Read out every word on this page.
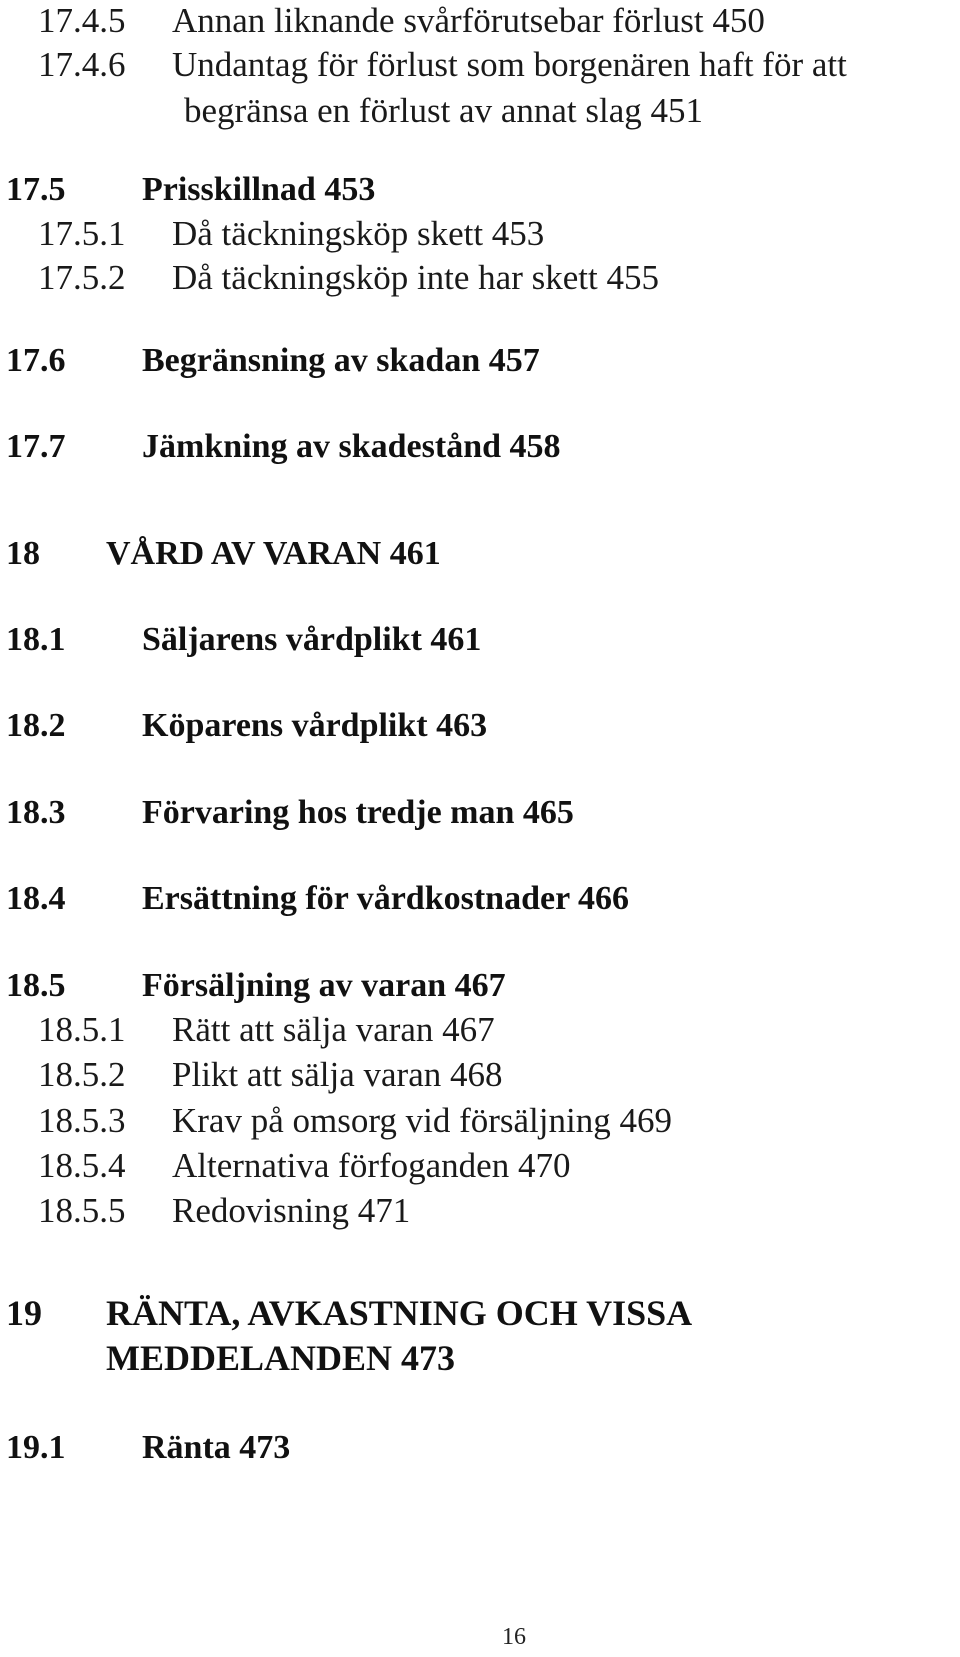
17.4.5 Annan liknande svårförutsebar förlust 450
17.4.6 Undantag för förlust som borgenären haft för att
begränsa en förlust av annat slag 451
17.5 Prisskillnad 453
17.5.1 Då täckningsköp skett 453
17.5.2 Då täckningsköp inte har skett 455
17.6 Begränsning av skadan 457
17.7 Jämkning av skadestånd 458
18 VÅRD AV VARAN 461
18.1 Säljarens vårdplikt 461
18.2 Köparens vårdplikt 463
18.3 Förvaring hos tredje man 465
18.4 Ersättning för vårdkostnader 466
18.5 Försäljning av varan 467
18.5.1 Rätt att sälja varan 467
18.5.2 Plikt att sälja varan 468
18.5.3 Krav på omsorg vid försäljning 469
18.5.4 Alternativa förfoganden 470
18.5.5 Redovisning 471
19 RÄNTA, AVKASTNING OCH VISSA
MEDDELANDEN 473
19.1 Ränta 473
16
